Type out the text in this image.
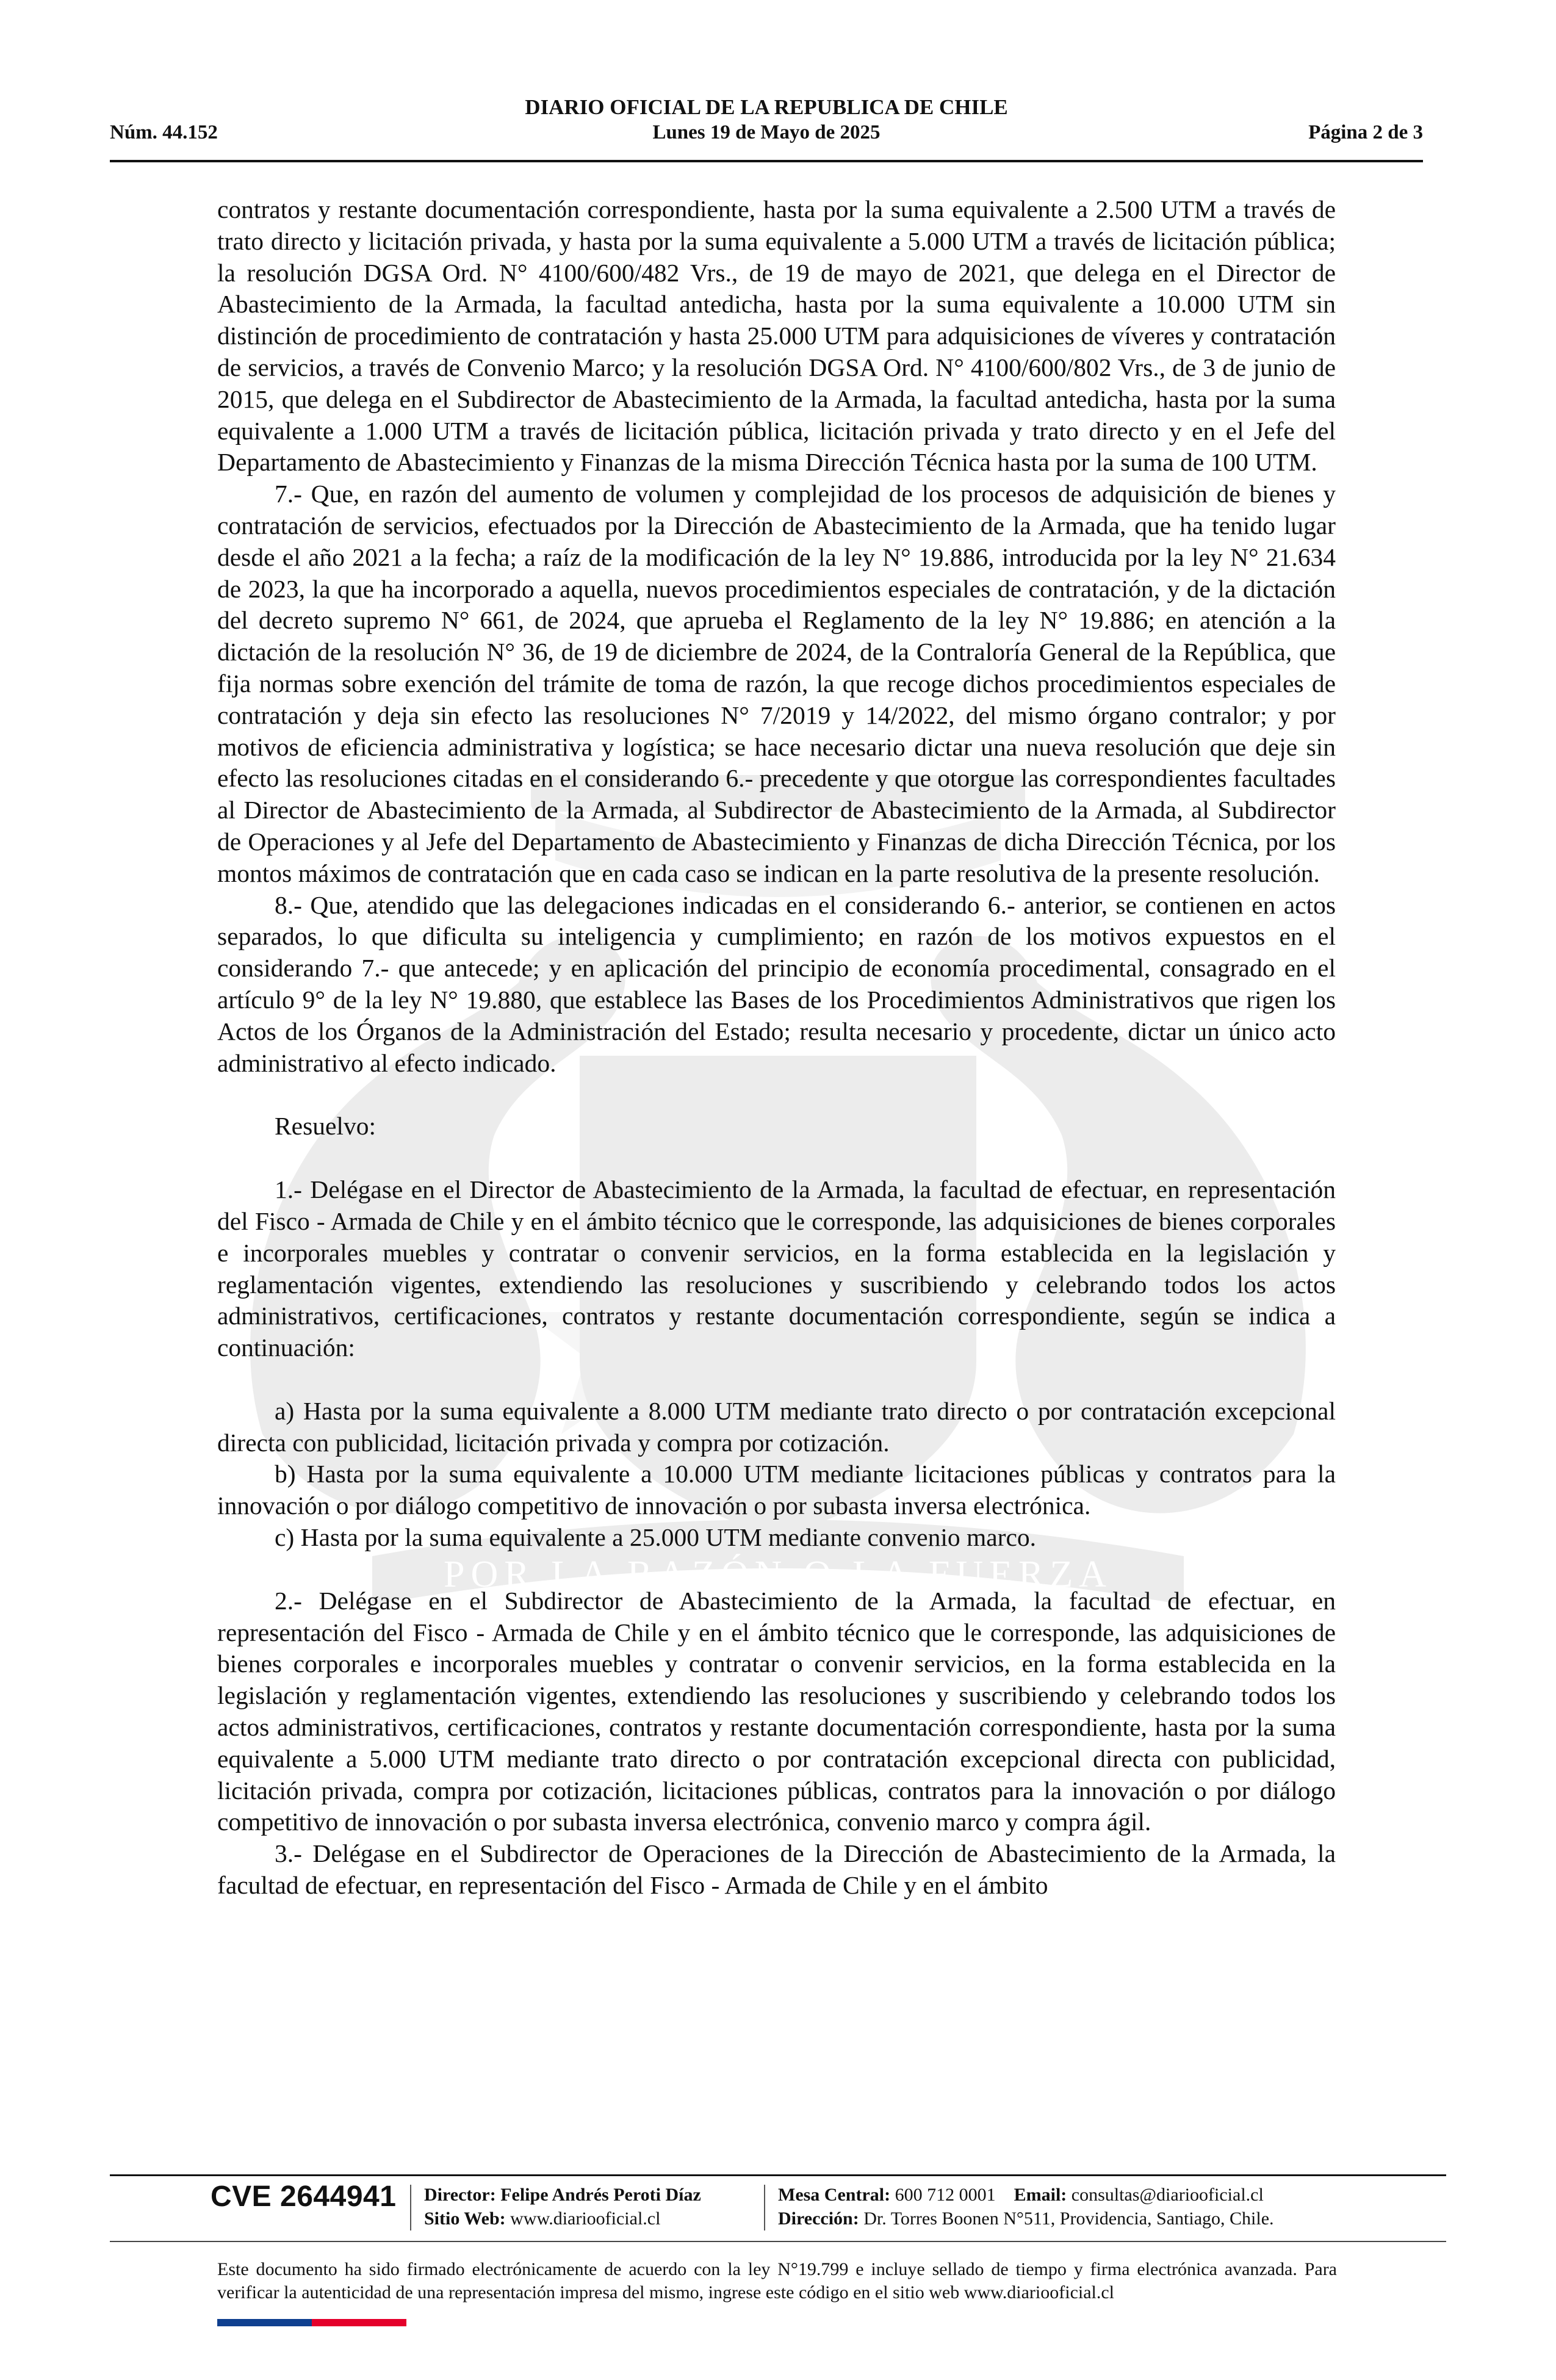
POR LA RAZÓN O LA FUERZA
DIARIO OFICIAL DE LA REPUBLICA DE CHILE
Núm. 44.152	Lunes 19 de Mayo de 2025	Página 2 de 3

contratos y restante documentación correspondiente, hasta por la suma equivalente a 2.500 UTM a través de trato directo y licitación privada, y hasta por la suma equivalente a 5.000 UTM a través de licitación pública; la resolución DGSA Ord. N° 4100/600/482 Vrs., de 19 de mayo de 2021, que delega en el Director de Abastecimiento de la Armada, la facultad antedicha, hasta por la suma equivalente a 10.000 UTM sin distinción de procedimiento de contratación y hasta 25.000 UTM para adquisiciones de víveres y contratación de servicios, a través de Convenio Marco; y la resolución DGSA Ord. N° 4100/600/802 Vrs., de 3 de junio de 2015, que delega en el Subdirector de Abastecimiento de la Armada, la facultad antedicha, hasta por la suma equivalente a 1.000 UTM a través de licitación pública, licitación privada y trato directo y en el Jefe del Departamento de Abastecimiento y Finanzas de la misma Dirección Técnica hasta por la suma de 100 UTM.

7.- Que, en razón del aumento de volumen y complejidad de los procesos de adquisición de bienes y contratación de servicios, efectuados por la Dirección de Abastecimiento de la Armada, que ha tenido lugar desde el año 2021 a la fecha; a raíz de la modificación de la ley N° 19.886, introducida por la ley N° 21.634 de 2023, la que ha incorporado a aquella, nuevos procedimientos especiales de contratación, y de la dictación del decreto supremo N° 661, de 2024, que aprueba el Reglamento de la ley N° 19.886; en atención a la dictación de la resolución N° 36, de 19 de diciembre de 2024, de la Contraloría General de la República, que fija normas sobre exención del trámite de toma de razón, la que recoge dichos procedimientos especiales de contratación y deja sin efecto las resoluciones N° 7/2019 y 14/2022, del mismo órgano contralor; y por motivos de eficiencia administrativa y logística; se hace necesario dictar una nueva resolución que deje sin efecto las resoluciones citadas en el considerando 6.- precedente y que otorgue las correspondientes facultades al Director de Abastecimiento de la Armada, al Subdirector de Abastecimiento de la Armada, al Subdirector de Operaciones y al Jefe del Departamento de Abastecimiento y Finanzas de dicha Dirección Técnica, por los montos máximos de contratación que en cada caso se indican en la parte resolutiva de la presente resolución.

8.- Que, atendido que las delegaciones indicadas en el considerando 6.- anterior, se contienen en actos separados, lo que dificulta su inteligencia y cumplimiento; en razón de los motivos expuestos en el considerando 7.- que antecede; y en aplicación del principio de economía procedimental, consagrado en el artículo 9° de la ley N° 19.880, que establece las Bases de los Procedimientos Administrativos que rigen los Actos de los Órganos de la Administración del Estado; resulta necesario y procedente, dictar un único acto administrativo al efecto indicado.

Resuelvo:

1.- Delégase en el Director de Abastecimiento de la Armada, la facultad de efectuar, en representación del Fisco - Armada de Chile y en el ámbito técnico que le corresponde, las adquisiciones de bienes corporales e incorporales muebles y contratar o convenir servicios, en la forma establecida en la legislación y reglamentación vigentes, extendiendo las resoluciones y suscribiendo y celebrando todos los actos administrativos, certificaciones, contratos y restante documentación correspondiente, según se indica a continuación:

a) Hasta por la suma equivalente a 8.000 UTM mediante trato directo o por contratación excepcional directa con publicidad, licitación privada y compra por cotización.

b) Hasta por la suma equivalente a 10.000 UTM mediante licitaciones públicas y contratos para la innovación o por diálogo competitivo de innovación o por subasta inversa electrónica.

c) Hasta por la suma equivalente a 25.000 UTM mediante convenio marco.

2.- Delégase en el Subdirector de Abastecimiento de la Armada, la facultad de efectuar, en representación del Fisco - Armada de Chile y en el ámbito técnico que le corresponde, las adquisiciones de bienes corporales e incorporales muebles y contratar o convenir servicios, en la forma establecida en la legislación y reglamentación vigentes, extendiendo las resoluciones y suscribiendo y celebrando todos los actos administrativos, certificaciones, contratos y restante documentación correspondiente, hasta por la suma equivalente a 5.000 UTM mediante trato directo o por contratación excepcional directa con publicidad, licitación privada, compra por cotización, licitaciones públicas, contratos para la innovación o por diálogo competitivo de innovación o por subasta inversa electrónica, convenio marco y compra ágil.

3.- Delégase en el Subdirector de Operaciones de la Dirección de Abastecimiento de la Armada, la facultad de efectuar, en representación del Fisco - Armada de Chile y en el ámbito

CVE 2644941 Director: Felipe Andrés Peroti Díaz
Sitio Web: www.diariooficial.cl
Mesa Central: 600 712 0001 Email: consultas@diariooficial.cl
Dirección: Dr. Torres Boonen N°511, Providencia, Santiago, Chile.
Este documento ha sido firmado electrónicamente de acuerdo con la ley N°19.799 e incluye sellado de tiempo y firma electrónica avanzada. Para verificar la autenticidad de una representación impresa del mismo, ingrese este código en el sitio web www.diariooficial.cl
